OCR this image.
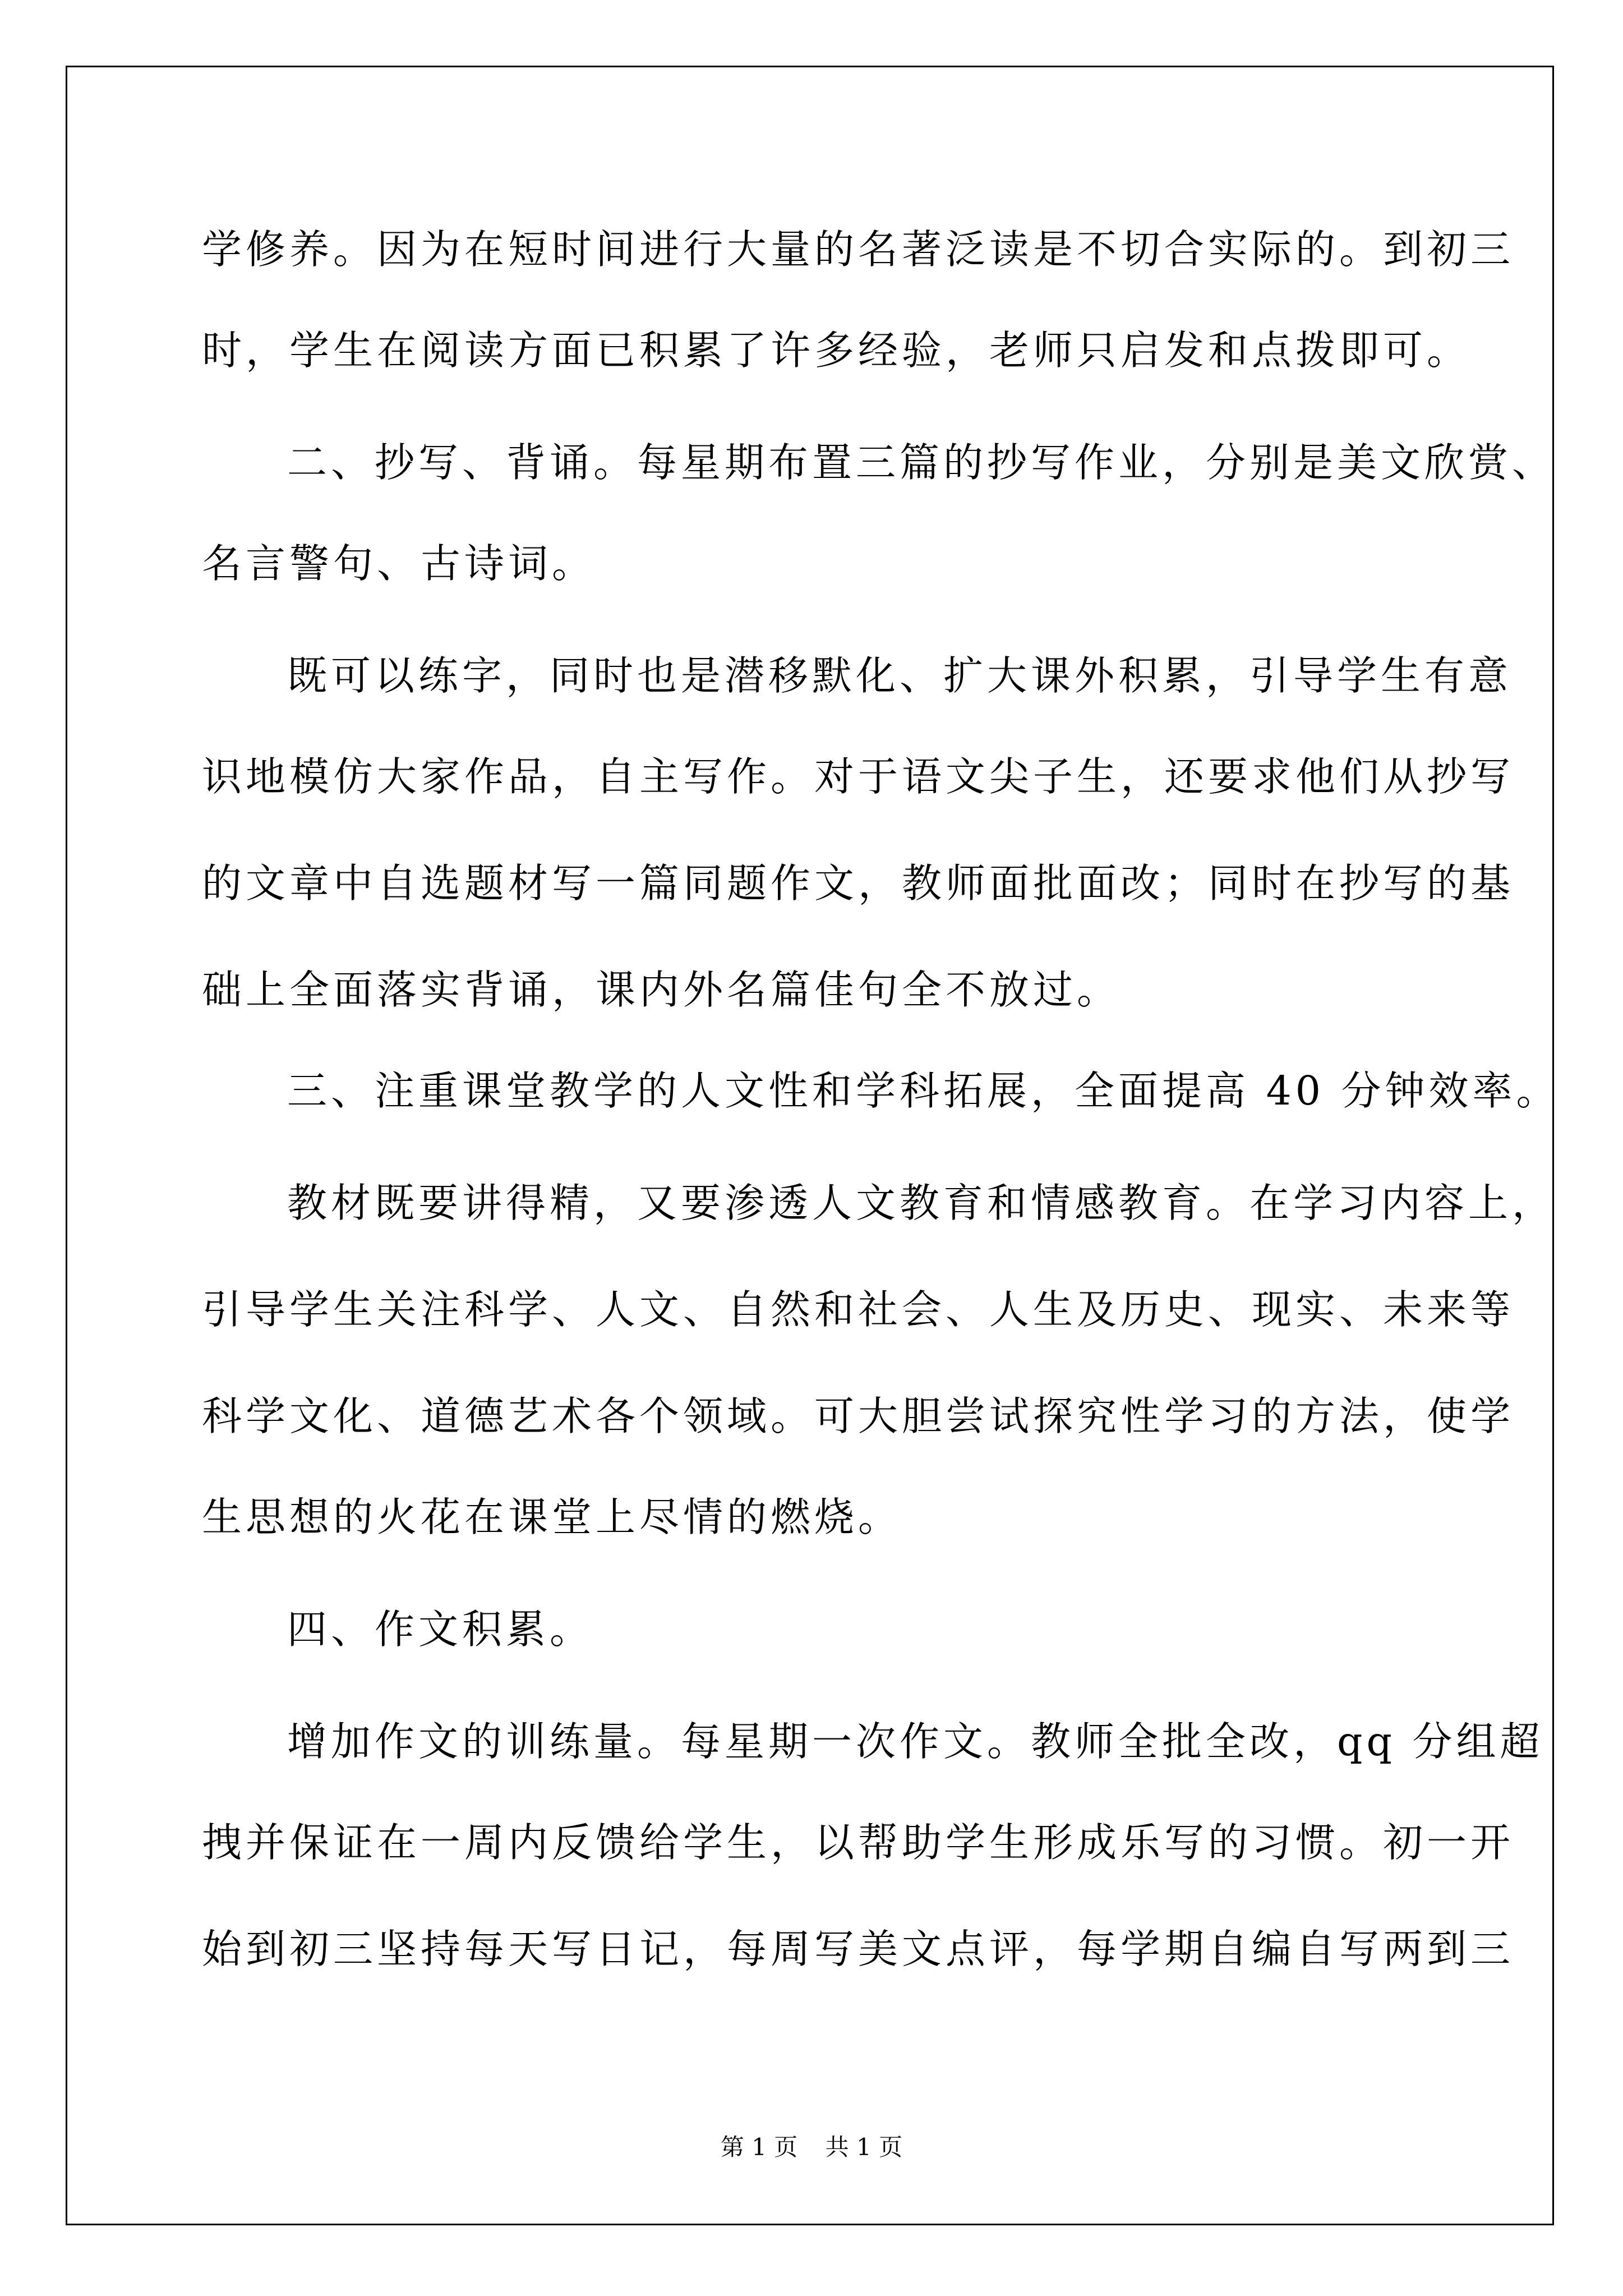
学修养。因为在短时间进行大量的名著泛读是不切合实际的。到初三

时，学生在阅读方面已积累了许多经验，老师只启发和点拨即可。

二、抄写、背诵。每星期布置三篇的抄写作业，分别是美文欣赏、

名言警句、古诗词。

既可以练字，同时也是潜移默化、扩大课外积累，引导学生有意

识地模仿大家作品，自主写作。对于语文尖子生，还要求他们从抄写

的文章中自选题材写一篇同题作文，教师面批面改；同时在抄写的基

础上全面落实背诵，课内外名篇佳句全不放过。

三、注重课堂教学的人文性和学科拓展，全面提高 40 分钟效率。

教材既要讲得精，又要渗透人文教育和情感教育。在学习内容上，

引导学生关注科学、人文、自然和社会、人生及历史、现实、未来等

科学文化、道德艺术各个领域。可大胆尝试探究性学习的方法，使学

生思想的火花在课堂上尽情的燃烧。

四、作文积累。

增加作文的训练量。每星期一次作文。教师全批全改，qq 分组超

拽并保证在一周内反馈给学生，以帮助学生形成乐写的习惯。初一开

始到初三坚持每天写日记，每周写美文点评，每学期自编自写两到三

第 1 页 共 1 页
